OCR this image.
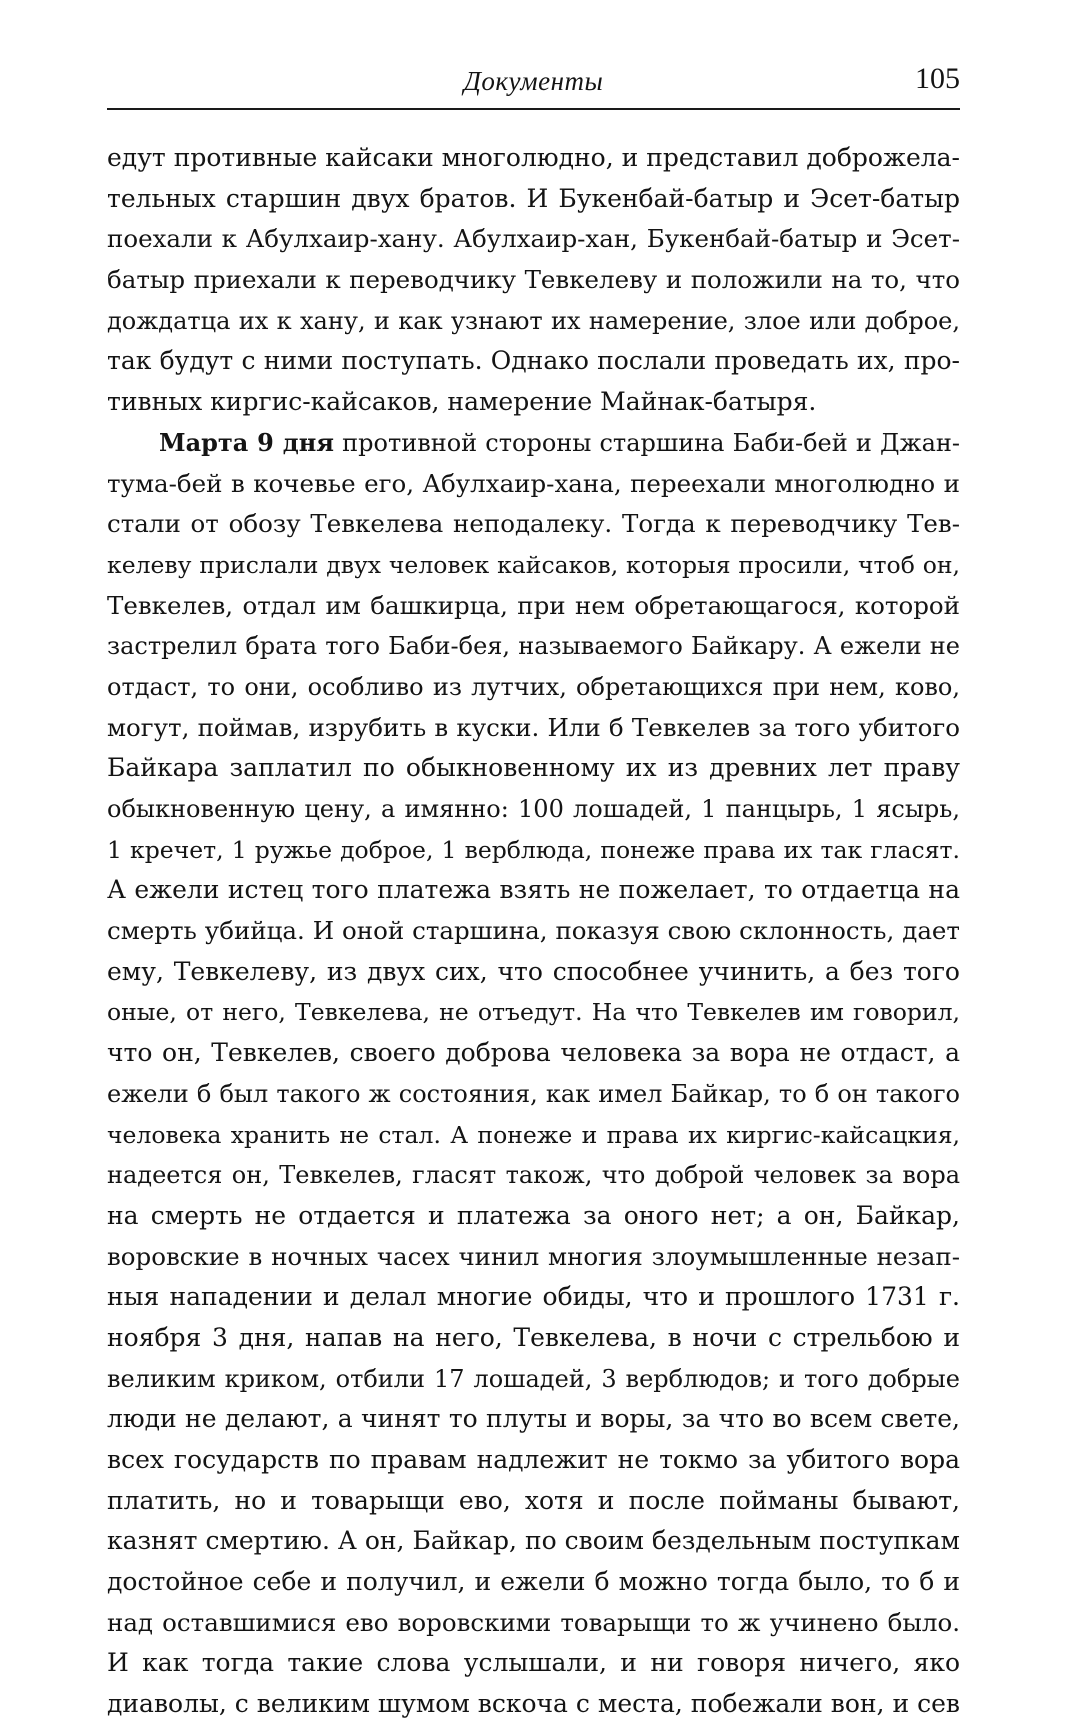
Документы	105
едут противные кайсаки многолюдно, и представил доброжела-
тельных старшин двух братов. И Букенбай-батыр и Эсет-батыр
поехали к Абулхаир-хану. Абулхаир-хан, Букенбай-батыр и Эсет-
батыр приехали к переводчику Тевкелеву и положили на то, что
дождатца их к хану, и как узнают их намерение, злое или доброе,
так будут с ними поступать. Однако послали проведать их, про-
тивных киргис-кайсаков, намерение Майнак-батыря.
Марта 9 дня противной стороны старшина Баби-бей и Джан-
тума-бей в кочевье его, Абулхаир-хана, переехали многолюдно и
стали от обозу Тевкелева неподалеку. Тогда к переводчику Тев-
келеву прислали двух человек кайсаков, которыя просили, чтоб он,
Тевкелев, отдал им башкирца, при нем обретающагося, которой
застрелил брата того Баби-бея, называемого Байкару. А ежели не
отдаст, то они, особливо из лутчих, обретающихся при нем, ково,
могут, поймав, изрубить в куски. Или б Тевкелев за того убитого
Байкара заплатил по обыкновенному их из древних лет праву
обыкновенную цену, а имянно: 100 лошадей, 1 панцырь, 1 ясырь,
1 кречет, 1 ружье доброе, 1 верблюда, понеже права их так гласят.
А ежели истец того платежа взять не пожелает, то отдаетца на
смерть убийца. И оной старшина, показуя свою склонность, дает
ему, Тевкелеву, из двух сих, что способнее учинить, а без того
оные, от него, Тевкелева, не отъедут. На что Тевкелев им говорил,
что он, Тевкелев, своего доброва человека за вора не отдаст, а
ежели б был такого ж состояния, как имел Байкар, то б он такого
человека хранить не стал. А понеже и права их киргис-кайсацкия,
надеется он, Тевкелев, гласят також, что доброй человек за вора
на смерть не отдается и платежа за оного нет; а он, Байкар,
воровские в ночных часех чинил многия злоумышленные незап-
ныя нападении и делал многие обиды, что и прошлого 1731 г.
ноября 3 дня, напав на него, Тевкелева, в ночи с стрельбою и
великим криком, отбили 17 лошадей, 3 верблюдов; и того добрые
люди не делают, а чинят то плуты и воры, за что во всем свете,
всех государств по правам надлежит не токмо за убитого вора
платить, но и товарыщи ево, хотя и после пойманы бывают,
казнят смертию. А он, Байкар, по своим бездельным поступкам
достойное себе и получил, и ежели б можно тогда было, то б и
над оставшимися ево воровскими товарыщи то ж учинено было.
И как тогда такие слова услышали, и ни говоря ничего, яко
диаволы, с великим шумом вскоча с места, побежали вон, и сев
